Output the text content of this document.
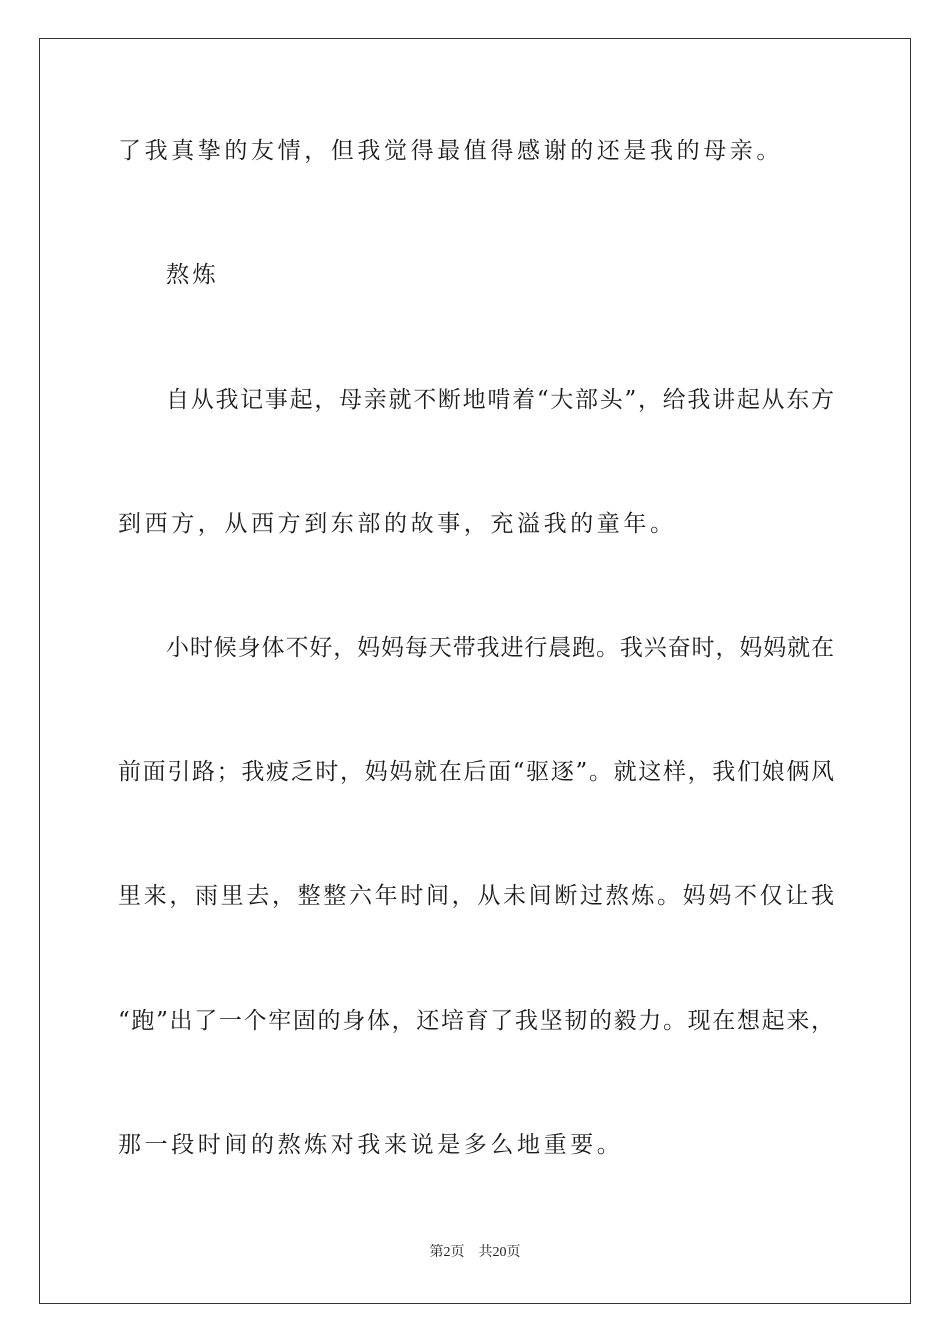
了我真挚的友情，但我觉得最值得感谢的还是我的母亲。
熬炼
自从我记事起，母亲就不断地啃着“大部头”，给我讲起从东方
到西方，从西方到东部的故事，充溢我的童年。
小时候身体不好，妈妈每天带我进行晨跑。我兴奋时，妈妈就在
前面引路；我疲乏时，妈妈就在后面“驱逐”。就这样，我们娘俩风
里来，雨里去，整整六年时间，从未间断过熬炼。妈妈不仅让我
“跑”出了一个牢固的身体，还培育了我坚韧的毅力。现在想起来，
那一段时间的熬炼对我来说是多么地重要。
第2页 共20页
